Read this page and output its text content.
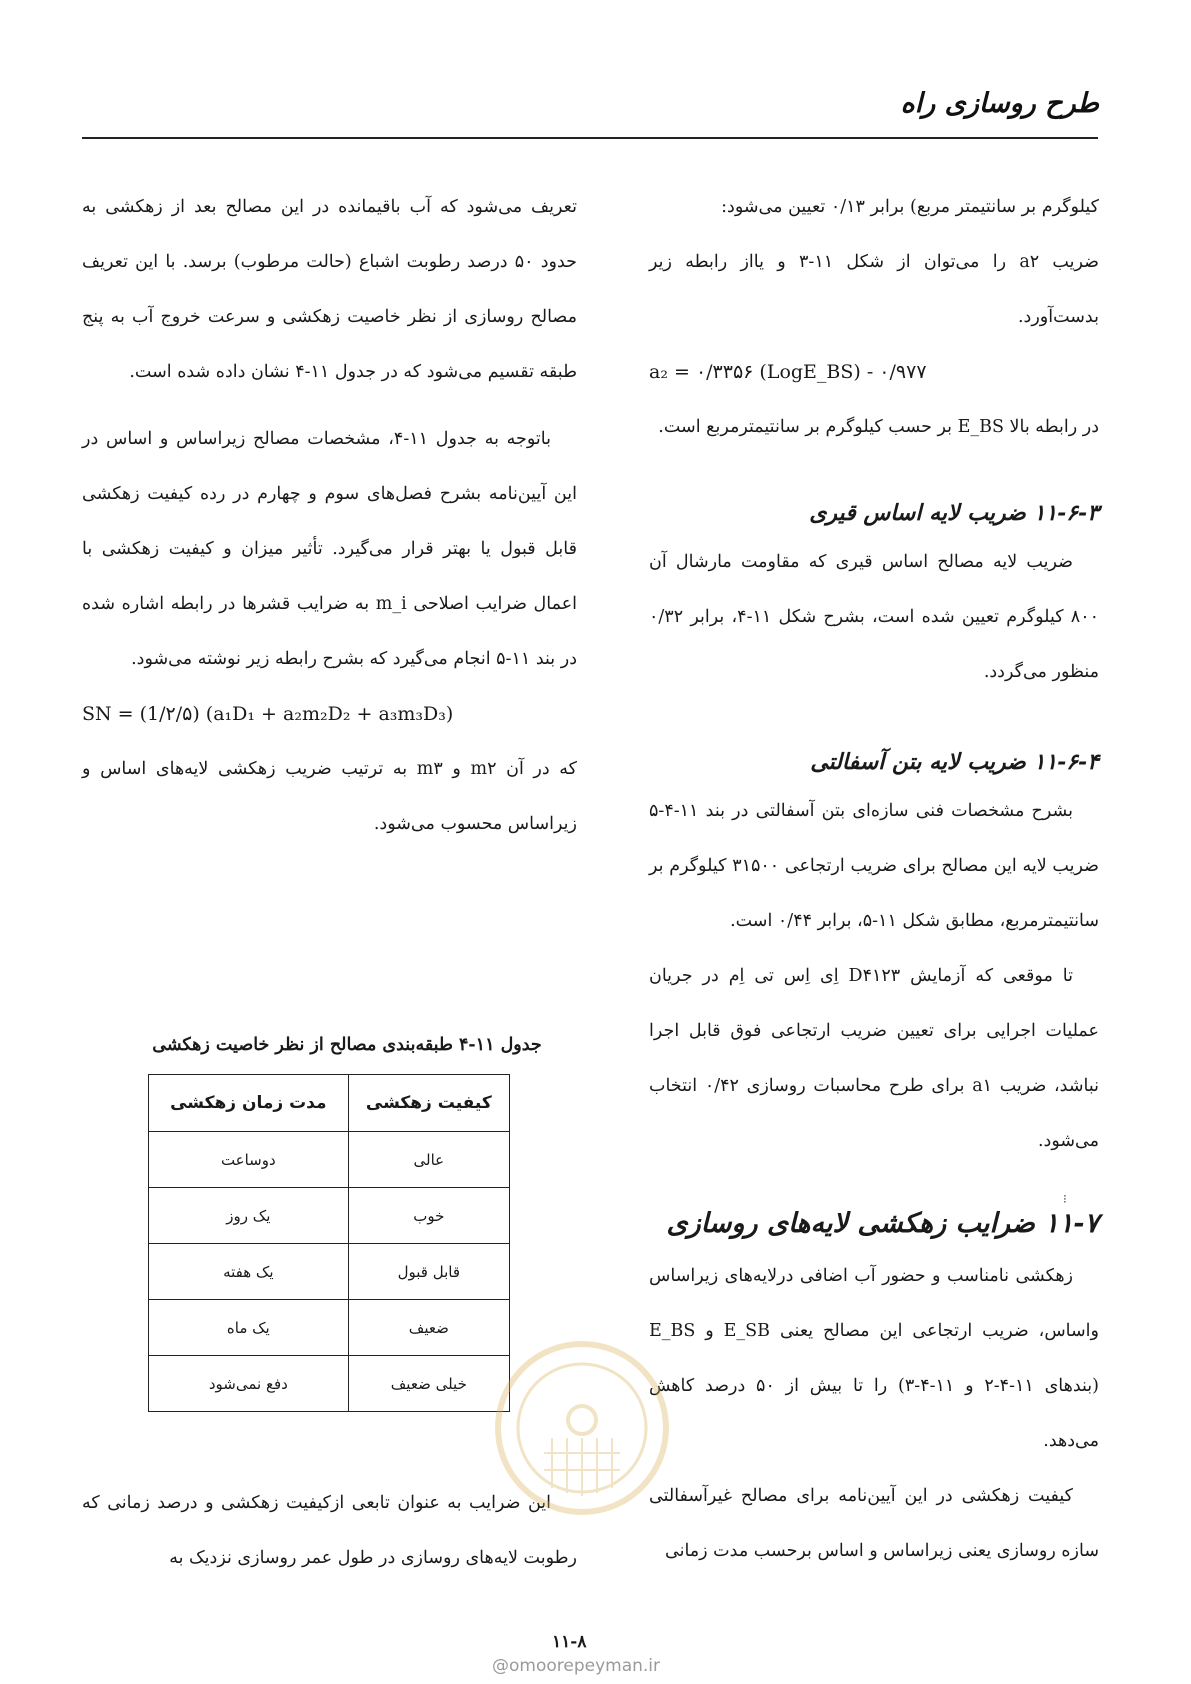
طرح روسازی راه

کیلوگرم بر سانتیمتر مربع) برابر ۰/۱۳ تعیین می‌شود:

ضریب a۲ را می‌توان از شکل ۱۱-۳ و یااز رابطه زیر بدست‌آورد.

a₂ = ۰/۳۳۵۶ (LogE_BS) - ۰/۹۷۷

در رابطه بالا E_BS بر حسب کیلوگرم بر سانتیمترمربع است.

۱۱-۶-۳ ضریب لایه اساس قیری

ضریب لایه مصالح اساس قیری که مقاومت مارشال آن ۸۰۰ کیلوگرم تعیین شده است، بشرح شکل ۱۱-۴، برابر ۰/۳۲ منظور می‌گردد.

۱۱-۶-۴ ضریب لایه بتن آسفالتی

بشرح مشخصات فنی سازه‌ای بتن آسفالتی در بند ۱۱-۴-۵ ضریب لایه این مصالح برای ضریب ارتجاعی ۳۱۵۰۰ کیلوگرم بر سانتیمترمربع، مطابق شکل ۱۱-۵، برابر ۰/۴۴ است.

تا موقعی که آزمایش D۴۱۲۳ اِی اِس تی اِم در جریان عملیات اجرایی برای تعیین ضریب ارتجاعی فوق قابل اجرا نباشد، ضریب a۱ برای طرح محاسبات روسازی ۰/۴۲ انتخاب می‌شود.

۱۱-۷ ضرایب زهکشی لایه‌های روسازی

زهکشی نامناسب و حضور آب اضافی درلایه‌های زیراساس واساس، ضریب ارتجاعی این مصالح یعنی E_SB و E_BS (بندهای ۱۱-۴-۲ و ۱۱-۴-۳) را تا بیش از ۵۰ درصد کاهش می‌دهد.

کیفیت زهکشی در این آیین‌نامه برای مصالح غیرآسفالتی سازه روسازی یعنی زیراساس و اساس برحسب مدت زمانی

تعریف می‌شود که آب باقیمانده در این مصالح بعد از زهکشی به حدود ۵۰ درصد رطوبت اشباع (حالت مرطوب) برسد. با این تعریف مصالح روسازی از نظر خاصیت زهکشی و سرعت خروج آب به پنج طبقه تقسیم می‌شود که در جدول ۱۱-۴ نشان داده شده است.

باتوجه به جدول ۱۱-۴، مشخصات مصالح زیراساس و اساس در این آیین‌نامه بشرح فصل‌های سوم و چهارم در رده کیفیت زهکشی قابل قبول یا بهتر قرار می‌گیرد. تأثیر میزان و کیفیت زهکشی با اعمال ضرایب اصلاحی m_i به ضرایب قشرها در رابطه اشاره شده در بند ۱۱-۵ انجام می‌گیرد که بشرح رابطه زیر نوشته می‌شود.

SN = (1/۲/۵) (a₁D₁ + a₂m₂D₂ + a₃m₃D₃)

که در آن m۲ و m۳ به ترتیب ضریب زهکشی لایه‌های اساس و زیراساس محسوب می‌شود.

جدول ۱۱-۴ طبقه‌بندی مصالح از نظر خاصیت زهکشی
کیفیت زهکشی	مدت زمان زهکشی
عالی	دوساعت
خوب	یک روز
قابل قبول	یک هفته
ضعیف	یک ماه
خیلی ضعیف	دفع نمی‌شود

این ضرایب به عنوان تابعی ازکیفیت زهکشی و درصد زمانی که رطوبت لایه‌های روسازی در طول عمر روسازی نزدیک به

⁝
۱۱-۸
@omoorepeyman.ir
